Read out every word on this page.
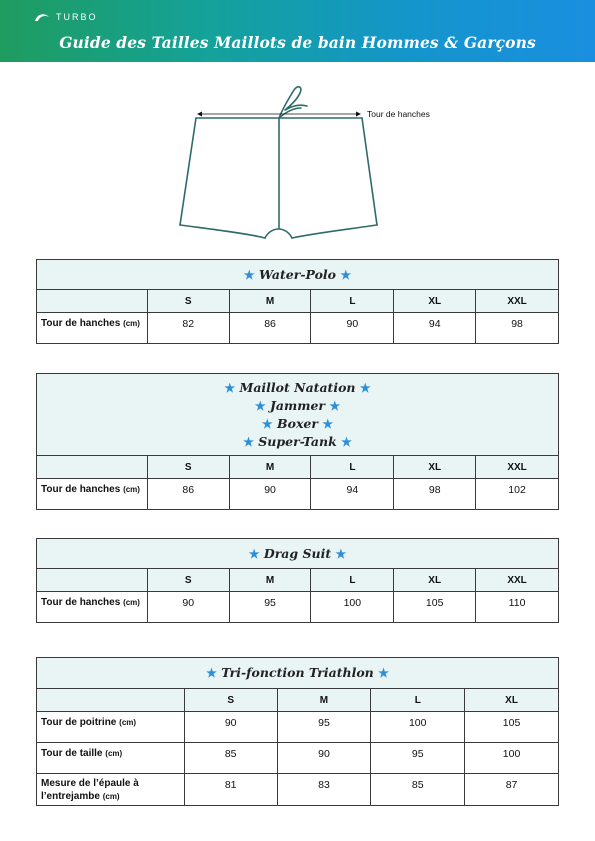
TURBO
Guide des Tailles Maillots de bain Hommes & Garçons
Tour de hanches
★ Water-Polo ★					

	S	M	L	XL	XXL
Tour de hanches (cm)	82	86	90	94	98
★ Maillot Natation ★
★ Jammer ★
★ Boxer ★
★ Super-Tank ★					

	S	M	L	XL	XXL
Tour de hanches (cm)	86	90	94	98	102
★ Drag Suit ★					

	S	M	L	XL	XXL
Tour de hanches (cm)	90	95	100	105	110
★ Tri-fonction Triathlon ★				

	S	M	L	XL
Tour de poitrine (cm)	90	95	100	105
Tour de taille (cm)	85	90	95	100
Mesure de l’épaule à l’entrejambe (cm)	81	83	85	87
